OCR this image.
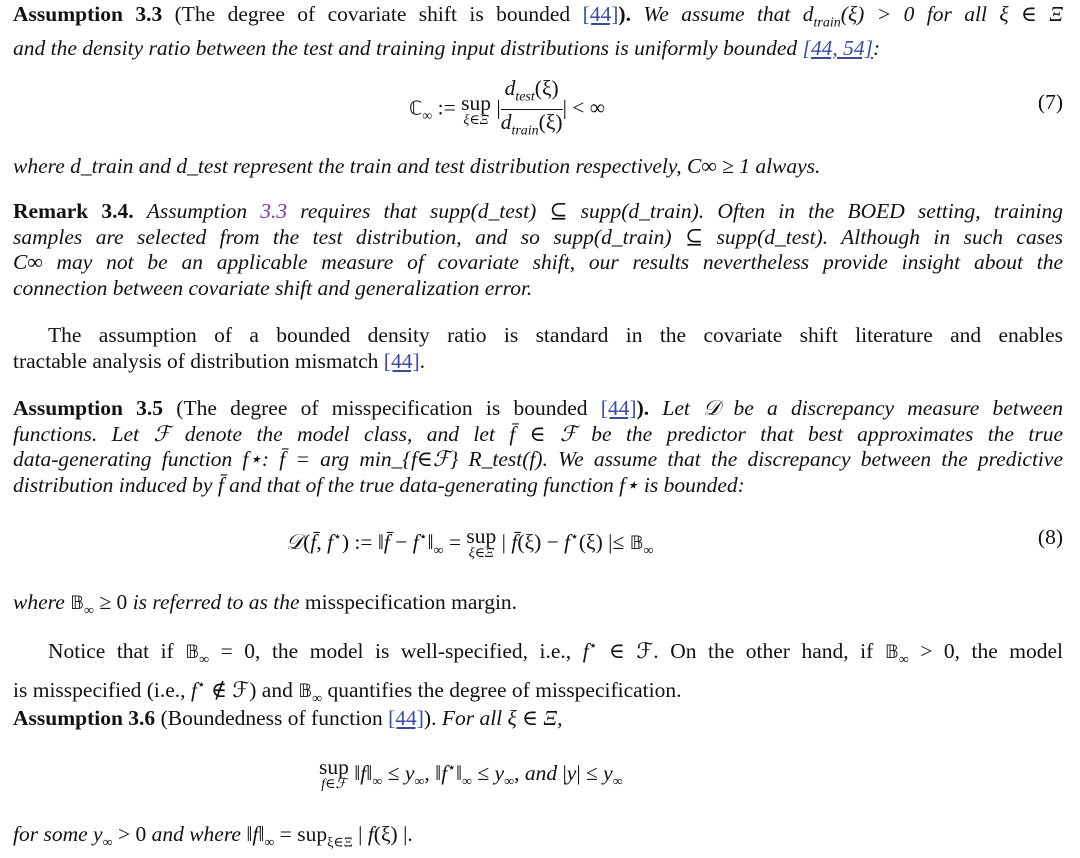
Assumption 3.3 (The degree of covariate shift is bounded [44]). We assume that $d_{train}(\xi) > 0$ for all ξ ∈ Ξ
and the density ratio between the test and training input distributions is uniformly bounded [44, 54]:
ℂ$_\infty$ := sup
ξ∈Ξ
| $\frac{d_{test}(\xi)}{d_{train}(\xi)}$ | < ∞	(7)
where d_train and d_test represent the train and test distribution respectively, C∞ ≥ 1 always.
Remark 3.4. Assumption 3.3 requires that supp(d_test) ⊆ supp(d_train). Often in the BOED setting, training
samples are selected from the test distribution, and so supp(d_train) ⊆ supp(d_test). Although in such cases
C∞ may not be an applicable measure of covariate shift, our results nevertheless provide insight about the
connection between covariate shift and generalization error.
The assumption of a bounded density ratio is standard in the covariate shift literature and enables
tractable analysis of distribution mismatch [44].
Assumption 3.5 (The degree of misspecification is bounded [44]). Let 𝒟 be a discrepancy measure between
functions. Let ℱ denote the model class, and let f̄ ∈ ℱ be the predictor that best approximates the true
data-generating function f⋆: f̄ = arg min_{f∈ℱ} R_test(f). We assume that the discrepancy between the predictive
distribution induced by f̄ and that of the true data-generating function f⋆ is bounded:
𝒟(f̄, f⋆) := ‖f̄ − $f^⋆‖_\infty$ = sup
ξ∈Ξ | f̄(ξ) − f⋆(ξ) |≤ 𝔹$_\infty$
(8)
where 𝔹$_\infty$ ≥ 0 is referred to as the misspecification margin.
Notice that if 𝔹$_\infty$ = 0, the model is well-specified, i.e., f⋆ ∈ ℱ. On the other hand, if 𝔹$_\infty$ > 0, the model
is misspecified (i.e., f⋆ ∉ ℱ) and 𝔹$_\infty$ quantifies the degree of misspecification.
Assumption 3.6 (Boundedness of function [44]). For all ξ ∈ Ξ,
sup
f∈ℱ $‖f‖_\infty \le y_\infty$, $‖f^⋆‖_\infty \le y_\infty$, and $|y| \le y_\infty$
for some $y_\infty > 0$ and where $‖f‖_\infty = sup_{\xi\in\Xi}$ | f(ξ) |.
